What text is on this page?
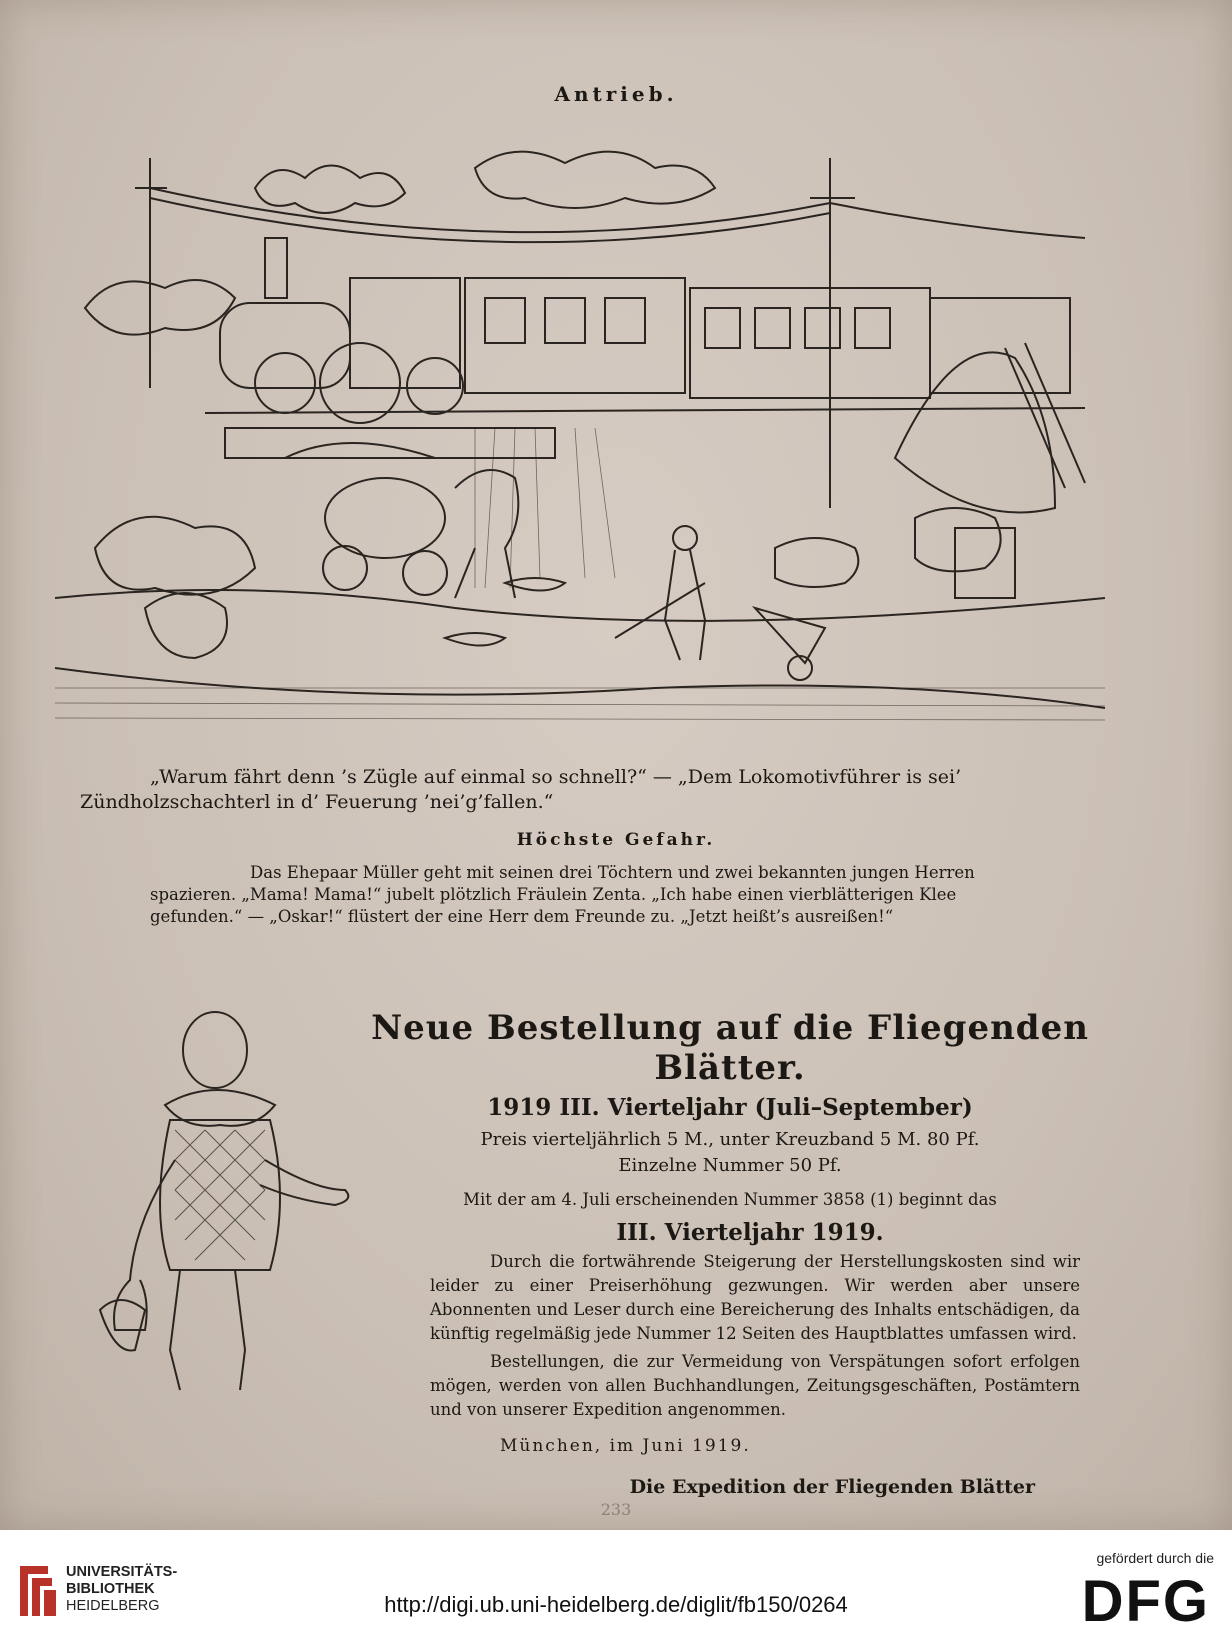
Antrieb.
„Warum fährt denn ’s Zügle auf einmal so schnell?“ — „Dem Lokomotivführer is sei’ Zündholzschachterl in d’ Feuerung ’nei’g’fallen.“
Höchste Gefahr.
Das Ehepaar Müller geht mit seinen drei Töchtern und zwei bekannten jungen Herren spazieren. „Mama! Mama!“ jubelt plötzlich Fräulein Zenta. „Ich habe einen vierblätterigen Klee gefunden.“ — „Oskar!“ flüstert der eine Herr dem Freunde zu. „Jetzt heißt’s ausreißen!“
Neue Bestellung auf die Fliegenden Blätter.
1919 III. Vierteljahr (Juli–September)
Preis vierteljährlich 5 M., unter Kreuzband 5 M. 80 Pf.
Einzelne Nummer 50 Pf.
Mit der am 4. Juli erscheinenden Nummer 3858 (1) beginnt das
III. Vierteljahr 1919.

Durch die fortwährende Steigerung der Herstellungskosten sind wir leider zu einer Preiserhöhung gezwungen. Wir werden aber unsere Abonnenten und Leser durch eine Bereicherung des Inhalts entschädigen, da künftig regelmäßig jede Nummer 12 Seiten des Hauptblattes umfassen wird.

Bestellungen, die zur Vermeidung von Verspätungen sofort erfolgen mögen, werden von allen Buchhandlungen, Zeitungsgeschäften, Postämtern und von unserer Expedition angenommen.

München, im Juni 1919.
Die Expedition der Fliegenden Blätter
233
UNIVERSITÄTS-
BIBLIOTHEK
HEIDELBERG	http://digi.ub.uni-heidelberg.de/diglit/fb150/0264
gefördert durch die
DFG
